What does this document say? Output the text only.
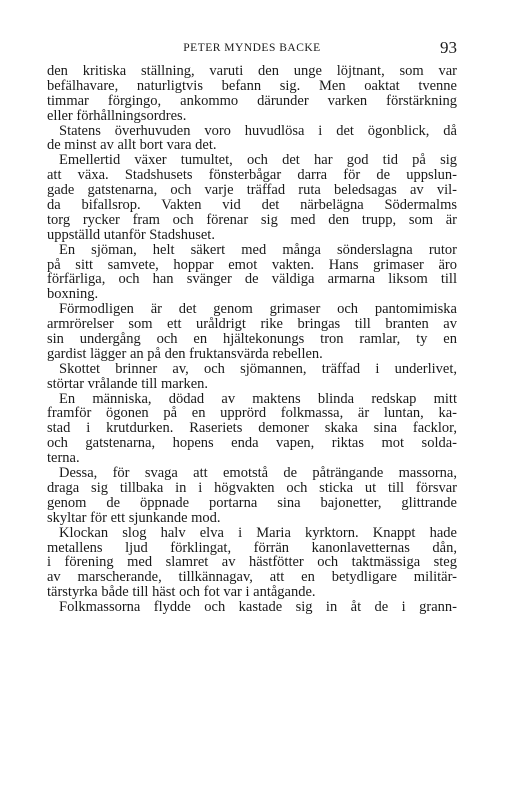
PETER MYNDES BACKE	93
den kritiska ställning, varuti den unge löjtnant, som var
befälhavare, naturligtvis befann sig. Men oaktat tvenne
timmar förgingo, ankommo därunder varken förstärkning
eller förhållningsordres.
Statens överhuvuden voro huvudlösa i det ögonblick, då
de minst av allt bort vara det.
Emellertid växer tumultet, och det har god tid på sig
att växa. Stadshusets fönsterbågar darra för de uppslun-
gade gatstenarna, och varje träffad ruta beledsagas av vil-
da bifallsrop. Vakten vid det närbelägna Södermalms
torg rycker fram och förenar sig med den trupp, som är
uppställd utanför Stadshuset.
En sjöman, helt säkert med många sönderslagna rutor
på sitt samvete, hoppar emot vakten. Hans grimaser äro
förfärliga, och han svänger de väldiga armarna liksom till
boxning.
Förmodligen är det genom grimaser och pantomimiska
armrörelser som ett uråldrigt rike bringas till branten av
sin undergång och en hjältekonungs tron ramlar, ty en
gardist lägger an på den fruktansvärda rebellen.
Skottet brinner av, och sjömannen, träffad i underlivet,
störtar vrålande till marken.
En människa, dödad av maktens blinda redskap mitt
framför ögonen på en upprörd folkmassa, är luntan, ka-
stad i krutdurken. Raseriets demoner skaka sina facklor,
och gatstenarna, hopens enda vapen, riktas mot solda-
terna.
Dessa, för svaga att emotstå de påträngande massorna,
draga sig tillbaka in i högvakten och sticka ut till försvar
genom de öppnade portarna sina bajonetter, glittrande
skyltar för ett sjunkande mod.
Klockan slog halv elva i Maria kyrktorn. Knappt hade
metallens ljud förklingat, förrän kanonlavetternas dån,
i förening med slamret av hästfötter och taktmässiga steg
av marscherande, tillkännagav, att en betydligare militär-
tärstyrka både till häst och fot var i antågande.
Folkmassorna flydde och kastade sig in åt de i grann-
